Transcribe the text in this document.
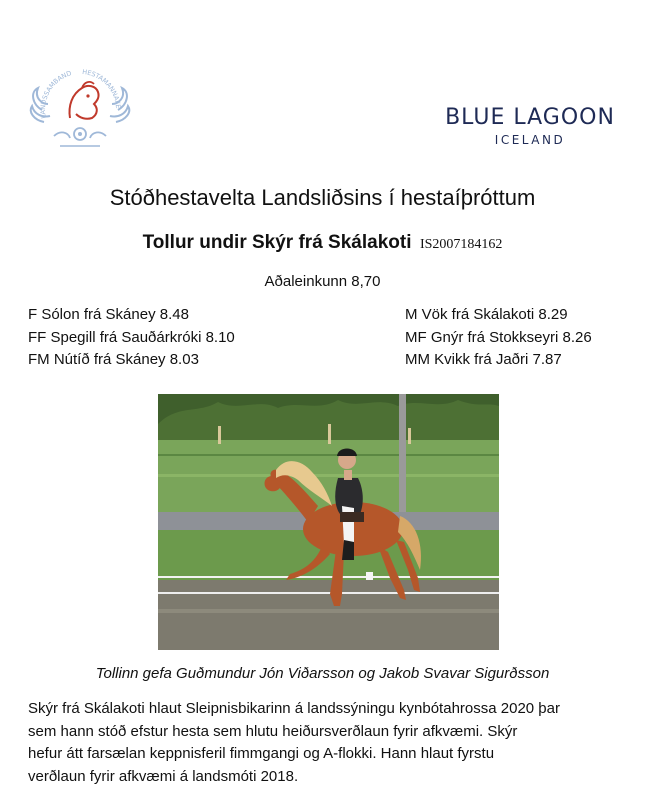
LANDSSAMBAND	HESTAMANNAFÉ	BLUE LAGOON
ICELAND
Stóðhestavelta Landsliðsins í hestaíþróttum
Tollur undir Skýr frá Skálakoti IS2007184162
Aðaleinkunn 8,70
F Sólon frá Skáney 8.48
FF Spegill frá Sauðárkróki 8.10
FM Nútíð frá Skáney 8.03
M Vök frá Skálakoti 8.29
MF Gnýr frá Stokkseyri 8.26
MM Kvikk frá Jaðri 7.87
Tollinn gefa Guðmundur Jón Viðarsson og Jakob Svavar Sigurðsson
Skýr frá Skálakoti hlaut Sleipnisbikarinn á landssýningu kynbótahrossa 2020 þar
sem hann stóð efstur hesta sem hlutu heiðursverðlaun fyrir afkvæmi. Skýr
hefur átt farsælan keppnisferil fimmgangi og A-flokki. Hann hlaut fyrstu
verðlaun fyrir afkvæmi á landsmóti 2018.
